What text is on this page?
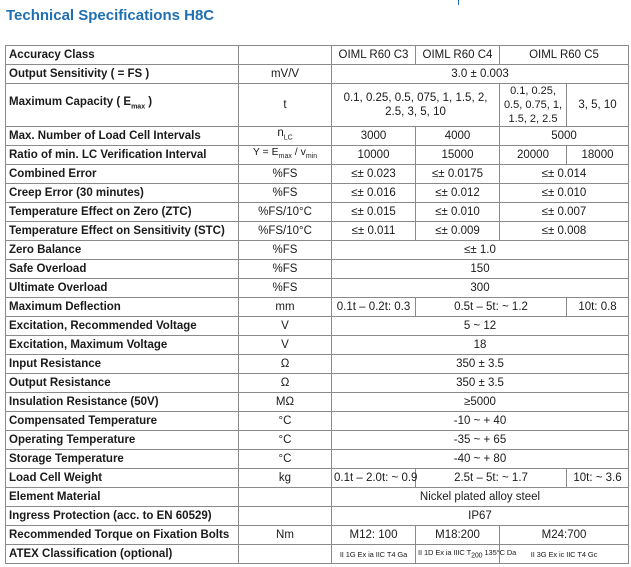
Technical Specifications H8C
Accuracy Class		OIML R60 C3	OIML R60 C4	OIML R60 C5	
Output Sensitivity ( = FS )	mV/V	3.0 ± 0.003			
Maximum Capacity ( $E_{max}$ )	t	0.1, 0.25, 0.5, 075, 1, 1.5, 2, 2.5, 3, 5, 10		0.1, 0.25, 0.5, 0.75, 1, 1.5, 2, 2.5	3, 5, 10
Max. Number of Load Cell Intervals	$n_{LC}$	3000	4000	5000	
Ratio of min. LC Verification Interval	$Y = E_{max} / v_{min}$	10000	15000	20000	18000
Combined Error	%FS	≤± 0.023	≤± 0.0175	≤± 0.014	
Creep Error (30 minutes)	%FS	≤± 0.016	≤± 0.012	≤± 0.010	
Temperature Effect on Zero (ZTC)	%FS/10°C	≤± 0.015	≤± 0.010	≤± 0.007	
Temperature Effect on Sensitivity (STC)	%FS/10°C	≤± 0.011	≤± 0.009	≤± 0.008	
Zero Balance	%FS	≤± 1.0			
Safe Overload	%FS	150			
Ultimate Overload	%FS	300			
Maximum Deflection	mm	0.1t – 0.2t: 0.3	0.5t – 5t: ~ 1.2		10t: 0.8
Excitation, Recommended Voltage	V	5 ~ 12			
Excitation, Maximum Voltage	V	18			
Input Resistance	Ω	350 ± 3.5			
Output Resistance	Ω	350 ± 3.5			
Insulation Resistance (50V)	MΩ	≥5000			
Compensated Temperature	°C	-10 ~ + 40			
Operating Temperature	°C	-35 ~ + 65			
Storage Temperature	°C	-40 ~ + 80			
Load Cell Weight	kg	0.1t – 2.0t: ~ 0.9	2.5t – 5t: ~ 1.7		10t: ~ 3.6
Element Material		Nickel plated alloy steel			
Ingress Protection (acc. to EN 60529)		IP67			
Recommended Torque on Fixation Bolts	Nm	M12: 100	M18:200	M24:700	
ATEX Classification (optional)		II 1G Ex ia IIC T4 Ga	II 1D Ex ia IIIC $T_{200}$ 135°C Da	II 3G Ex ic IIC T4 Gc	
